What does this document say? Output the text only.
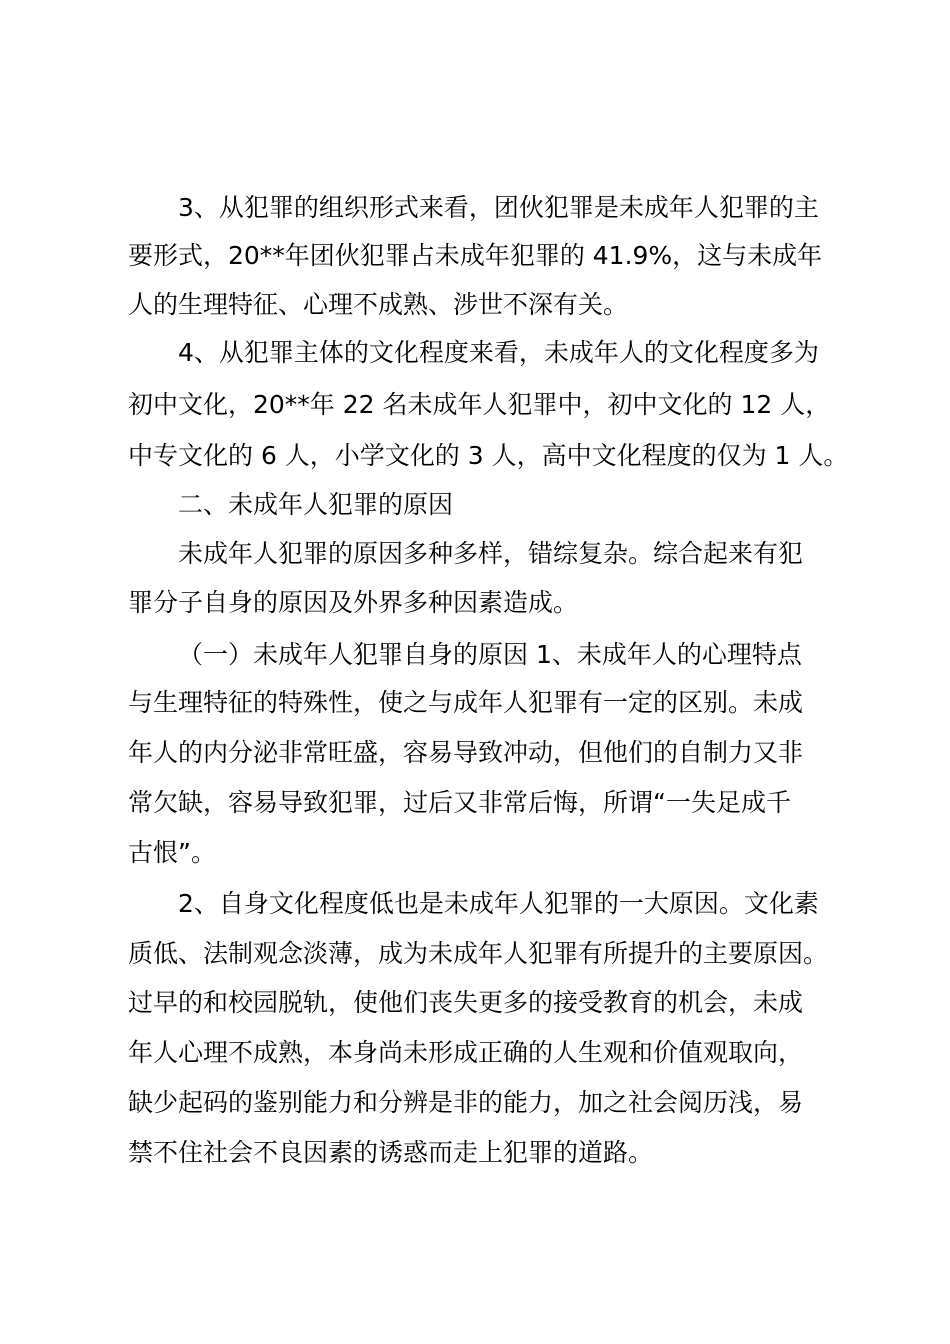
3、从犯罪的组织形式来看，团伙犯罪是未成年人犯罪的主
要形式，20**年团伙犯罪占未成年犯罪的 41.9%，这与未成年
人的生理特征、心理不成熟、涉世不深有关。
4、从犯罪主体的文化程度来看，未成年人的文化程度多为
初中文化，20**年 22 名未成年人犯罪中，初中文化的 12 人，
中专文化的 6 人，小学文化的 3 人，高中文化程度的仅为 1 人。
二、未成年人犯罪的原因
未成年人犯罪的原因多种多样，错综复杂。综合起来有犯
罪分子自身的原因及外界多种因素造成。
（一）未成年人犯罪自身的原因 1、未成年人的心理特点
与生理特征的特殊性，使之与成年人犯罪有一定的区别。未成
年人的内分泌非常旺盛，容易导致冲动，但他们的自制力又非
常欠缺，容易导致犯罪，过后又非常后悔，所谓“一失足成千
古恨”。
2、自身文化程度低也是未成年人犯罪的一大原因。文化素
质低、法制观念淡薄，成为未成年人犯罪有所提升的主要原因。
过早的和校园脱轨，使他们丧失更多的接受教育的机会，未成
年人心理不成熟，本身尚未形成正确的人生观和价值观取向，
缺少起码的鉴别能力和分辨是非的能力，加之社会阅历浅，易
禁不住社会不良因素的诱惑而走上犯罪的道路。
